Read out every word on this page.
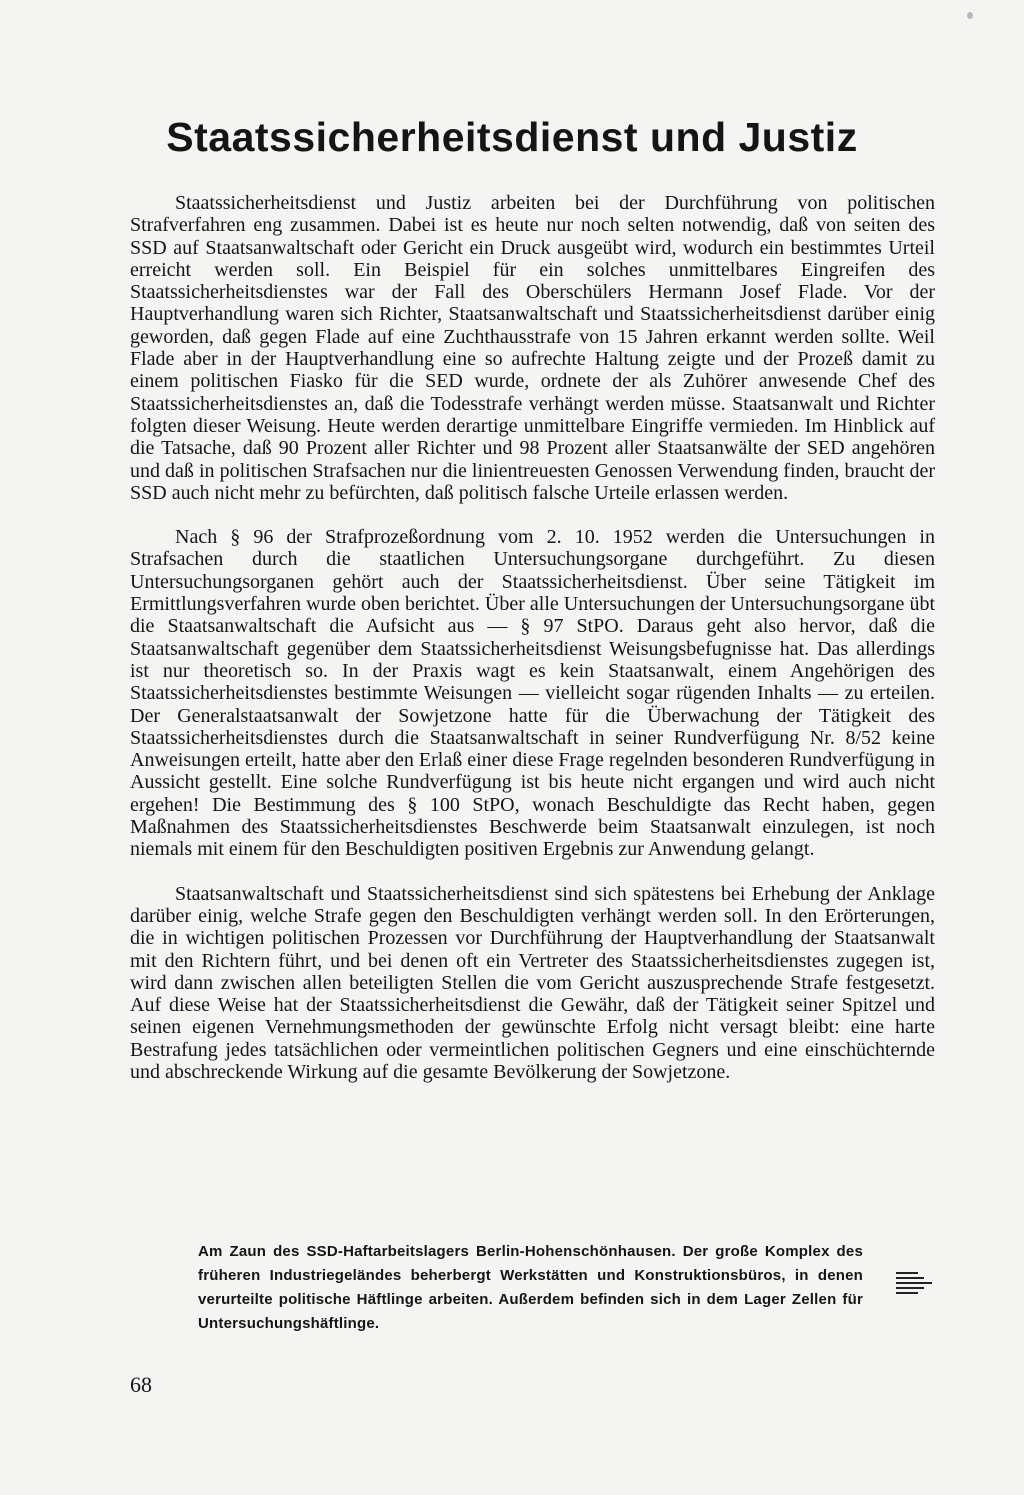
Staatssicherheitsdienst und Justiz

Staatssicherheitsdienst und Justiz arbeiten bei der Durchführung von politischen Strafverfahren eng zusammen. Dabei ist es heute nur noch selten notwendig, daß von seiten des SSD auf Staatsanwaltschaft oder Gericht ein Druck ausgeübt wird, wodurch ein bestimmtes Urteil erreicht werden soll. Ein Beispiel für ein solches unmittelbares Eingreifen des Staatssicherheitsdienstes war der Fall des Oberschülers Hermann Josef Flade. Vor der Hauptverhandlung waren sich Richter, Staatsanwaltschaft und Staatssicherheitsdienst darüber einig geworden, daß gegen Flade auf eine Zuchthausstrafe von 15 Jahren erkannt werden sollte. Weil Flade aber in der Hauptverhandlung eine so aufrechte Haltung zeigte und der Prozeß damit zu einem politischen Fiasko für die SED wurde, ordnete der als Zuhörer anwesende Chef des Staatssicherheitsdienstes an, daß die Todesstrafe verhängt werden müsse. Staatsanwalt und Richter folgten dieser Weisung. Heute werden derartige unmittelbare Eingriffe vermieden. Im Hinblick auf die Tatsache, daß 90 Prozent aller Richter und 98 Prozent aller Staatsanwälte der SED angehören und daß in politischen Strafsachen nur die linientreuesten Genossen Verwendung finden, braucht der SSD auch nicht mehr zu befürchten, daß politisch falsche Urteile erlassen werden.

Nach § 96 der Strafprozeßordnung vom 2. 10. 1952 werden die Untersuchungen in Strafsachen durch die staatlichen Untersuchungsorgane durchgeführt. Zu diesen Untersuchungsorganen gehört auch der Staatssicherheitsdienst. Über seine Tätigkeit im Ermittlungsverfahren wurde oben berichtet. Über alle Untersuchungen der Untersuchungsorgane übt die Staatsanwaltschaft die Aufsicht aus — § 97 StPO. Daraus geht also hervor, daß die Staatsanwaltschaft gegenüber dem Staatssicherheitsdienst Weisungsbefugnisse hat. Das allerdings ist nur theoretisch so. In der Praxis wagt es kein Staatsanwalt, einem Angehörigen des Staatssicherheitsdienstes bestimmte Weisungen — vielleicht sogar rügenden Inhalts — zu erteilen. Der Generalstaatsanwalt der Sowjetzone hatte für die Überwachung der Tätigkeit des Staatssicherheitsdienstes durch die Staatsanwaltschaft in seiner Rundverfügung Nr. 8/52 keine Anweisungen erteilt, hatte aber den Erlaß einer diese Frage regelnden besonderen Rundverfügung in Aussicht gestellt. Eine solche Rundverfügung ist bis heute nicht ergangen und wird auch nicht ergehen! Die Bestimmung des § 100 StPO, wonach Beschuldigte das Recht haben, gegen Maßnahmen des Staatssicherheitsdienstes Beschwerde beim Staatsanwalt einzulegen, ist noch niemals mit einem für den Beschuldigten positiven Ergebnis zur Anwendung gelangt.

Staatsanwaltschaft und Staatssicherheitsdienst sind sich spätestens bei Erhebung der Anklage darüber einig, welche Strafe gegen den Beschuldigten verhängt werden soll. In den Erörterungen, die in wichtigen politischen Prozessen vor Durchführung der Hauptverhandlung der Staatsanwalt mit den Richtern führt, und bei denen oft ein Vertreter des Staatssicherheitsdienstes zugegen ist, wird dann zwischen allen beteiligten Stellen die vom Gericht auszusprechende Strafe festgesetzt. Auf diese Weise hat der Staatssicherheitsdienst die Gewähr, daß der Tätigkeit seiner Spitzel und seinen eigenen Vernehmungsmethoden der gewünschte Erfolg nicht versagt bleibt: eine harte Bestrafung jedes tatsächlichen oder vermeintlichen politischen Gegners und eine einschüchternde und abschreckende Wirkung auf die gesamte Bevölkerung der Sowjetzone.

Am Zaun des SSD-Haftarbeitslagers Berlin-Hohenschönhausen. Der große Komplex des früheren Industriegeländes beherbergt Werkstätten und Konstruktionsbüros, in denen verurteilte politische Häftlinge arbeiten. Außerdem befinden sich in dem Lager Zellen für Untersuchungshäftlinge.

68
